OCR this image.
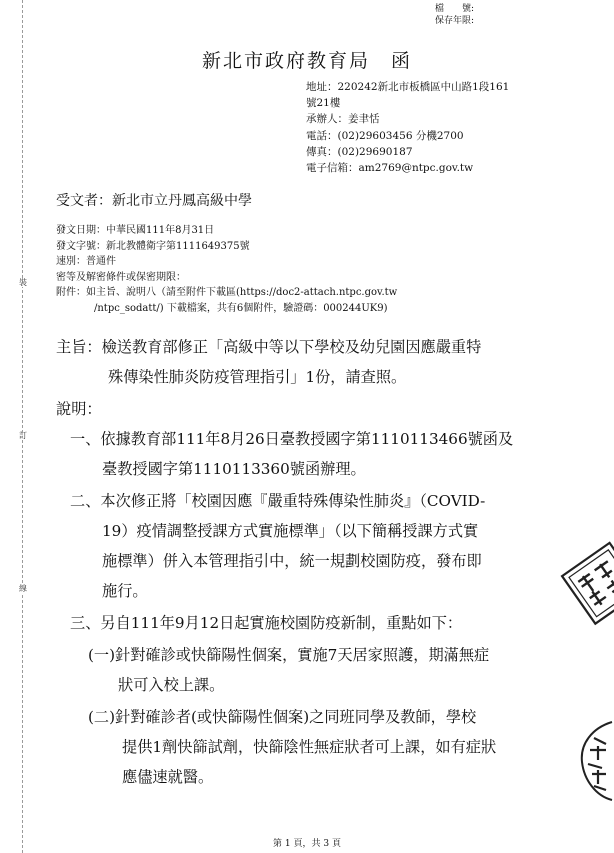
裝
訂
線
檔　　號:
保存年限:
新北市政府教育局　函
地址：220242新北市板橋區中山路1段161
號21樓
承辦人：姜聿恬
電話：(02)29603456 分機2700
傳真：(02)29690187
電子信箱：am2769@ntpc.gov.tw
受文者：新北市立丹鳳高級中學
發文日期：中華民國111年8月31日
發文字號：新北教體衛字第1111649375號
速別：普通件
密等及解密條件或保密期限：
附件：如主旨、說明八（請至附件下載區(https://doc2-attach.ntpc.gov.tw
/ntpc_sodatt/) 下載檔案，共有6個附件，驗證碼：000244UK9)
主旨：檢送教育部修正「高級中等以下學校及幼兒園因應嚴重特
殊傳染性肺炎防疫管理指引」1份，請查照。
說明：
一、依據教育部111年8月26日臺教授國字第1110113466號函及
臺教授國字第1110113360號函辦理。
二、本次修正將「校園因應『嚴重特殊傳染性肺炎』（COVID-
19）疫情調整授課方式實施標準」（以下簡稱授課方式實
施標準）併入本管理指引中，統一規劃校園防疫，發布即
施行。
三、另自111年9月12日起實施校園防疫新制，重點如下：
(一)針對確診或快篩陽性個案，實施7天居家照護，期滿無症
狀可入校上課。
(二)針對確診者(或快篩陽性個案)之同班同學及教師，學校
提供1劑快篩試劑，快篩陰性無症狀者可上課，如有症狀
應儘速就醫。
第 1 頁，共 3 頁
